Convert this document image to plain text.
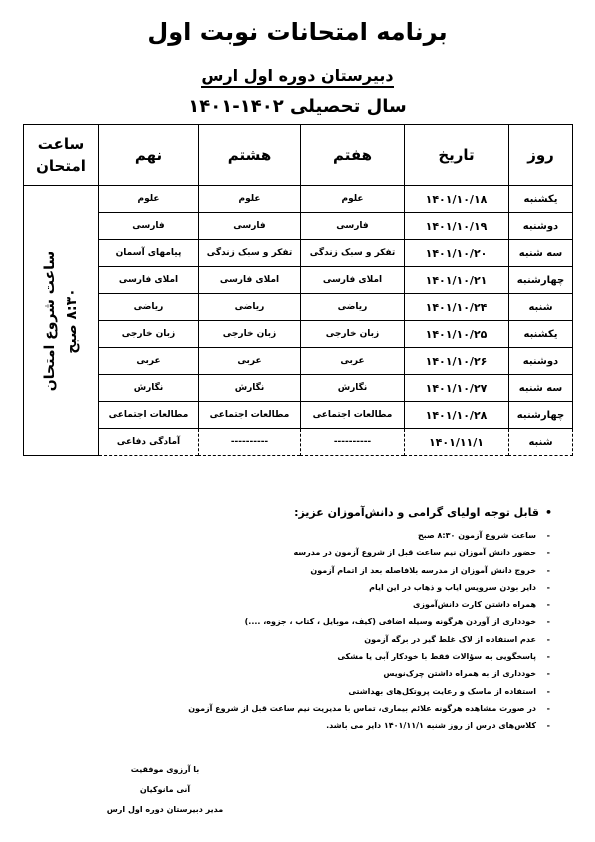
برنامه امتحانات نوبت اول
دبیرستان دوره اول ارس
سال تحصیلی ۱۴۰۲-۱۴۰۱
روز	تاریخ	هفتم	هشتم	نهم	ساعت
امتحان

یکشنبه	۱۴۰۱/۱۰/۱۸	علوم	علوم	علوم	ساعت شروع امتحان ۸:۳۰ صبح

دوشنبه	۱۴۰۱/۱۰/۱۹	فارسی	فارسی	فارسی	
سه شنبه	۱۴۰۱/۱۰/۲۰	تفکر و سبک زندگی	تفکر و سبک زندگی	پیامهای آسمان	
چهارشنبه	۱۴۰۱/۱۰/۲۱	املای فارسی	املای فارسی	املای فارسی	
شنبه	۱۴۰۱/۱۰/۲۴	ریاضی	ریاضی	ریاضی	
یکشنبه	۱۴۰۱/۱۰/۲۵	زبان خارجی	زبان خارجی	زبان خارجی	
دوشنبه	۱۴۰۱/۱۰/۲۶	عربی	عربی	عربی	
سه شنبه	۱۴۰۱/۱۰/۲۷	نگارش	نگارش	نگارش	
چهارشنبه	۱۴۰۱/۱۰/۲۸	مطالعات اجتماعی	مطالعات اجتماعی	مطالعات اجتماعی	
شنبه	۱۴۰۱/۱۱/۱	----------	----------	آمادگی دفاعی	
• قابل توجه اولیای گرامی و دانش‌آموزان عزیز:
- ساعت شروع آزمون ۸:۳۰ صبح
- حضور دانش آموزان نیم ساعت قبل از شروع آزمون در مدرسه
- خروج دانش آموزان از مدرسه بلافاصله بعد از اتمام آزمون
- دایر بودن سرویس ایاب و ذهاب در این ایام
- همراه داشتن کارت دانش‌آموزی
- خودداری از آوردن هرگونه وسیله اضافی (کیف، موبایل ، کتاب ، جزوه، ....)
- عدم استفاده از لاک غلط گیر در برگه آزمون
- پاسخگویی به سؤالات فقط با خودکار آبی یا مشکی
- خودداری از به همراه داشتن چرک‌نویس
- استفاده از ماسک و رعایت پروتکل‌های بهداشتی
- در صورت مشاهده هرگونه علائم بیماری، تماس با مدیریت نیم ساعت قبل از شروع آزمون
- کلاس‌های درس از روز شنبه ۱۴۰۱/۱۱/۱ دایر می باشد.
با آرزوی موفقیت
آنی مانوکیان
مدیر دبیرستان دوره اول ارس
